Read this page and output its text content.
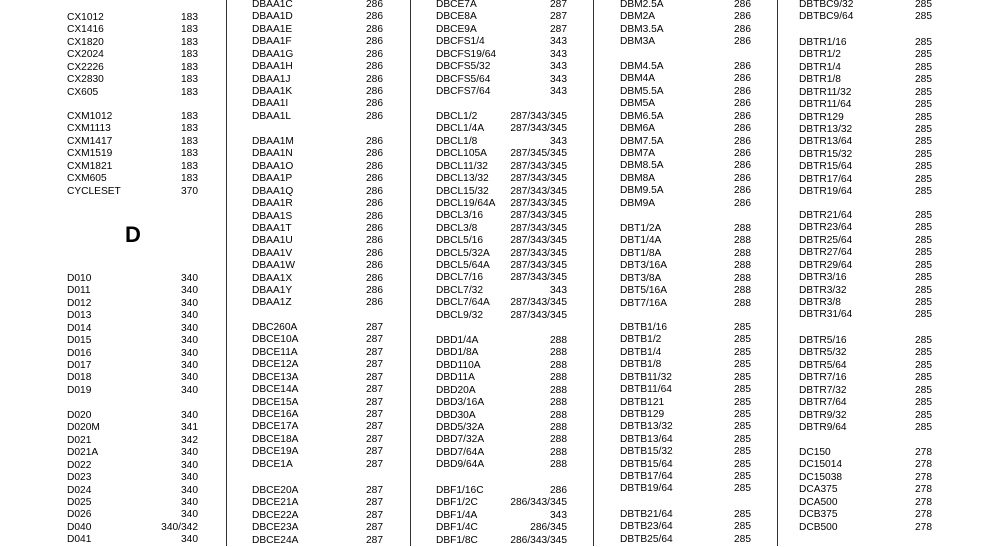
D
CX1012	183
CX1416	183
CX1820	183
CX2024	183
CX2226	183
CX2830	183
CX605	183
CXM1012	183
CXM1113	183
CXM1417	183
CXM1519	183
CXM1821	183
CXM605	183
CYCLESET	370
D010	340
D011	340
D012	340
D013	340
D014	340
D015	340
D016	340
D017	340
D018	340
D019	340
D020	340
D020M	341
D021	342
D021A	340
D022	340
D023	340
D024	340
D025	340
D026	340
D040	340/342
D041	340
DBAA1C	286
DBAA1D	286
DBAA1E	286
DBAA1F	286
DBAA1G	286
DBAA1H	286
DBAA1J	286
DBAA1K	286
DBAA1I	286
DBAA1L	286
DBAA1M	286
DBAA1N	286
DBAA1O	286
DBAA1P	286
DBAA1Q	286
DBAA1R	286
DBAA1S	286
DBAA1T	286
DBAA1U	286
DBAA1V	286
DBAA1W	286
DBAA1X	286
DBAA1Y	286
DBAA1Z	286
DBC260A	287
DBCE10A	287
DBCE11A	287
DBCE12A	287
DBCE13A	287
DBCE14A	287
DBCE15A	287
DBCE16A	287
DBCE17A	287
DBCE18A	287
DBCE19A	287
DBCE1A	287
DBCE20A	287
DBCE21A	287
DBCE22A	287
DBCE23A	287
DBCE24A	287
DBCE7A	287
DBCE8A	287
DBCE9A	287
DBCFS1/4	343
DBCFS19/64	343
DBCFS5/32	343
DBCFS5/64	343
DBCFS7/64	343
DBCL1/2	287/343/345
DBCL1/4A	287/343/345
DBCL1/8	343
DBCL105A 287/345/345
DBCL11/32 287/343/345
DBCL13/32 287/343/345
DBCL15/32 287/343/345
DBCL19/64A 287/343/345
DBCL3/16	287/343/345
DBCL3/8	287/343/345
DBCL5/16	287/343/345
DBCL5/32A 287/343/345
DBCL5/64A 287/343/345
DBCL7/16	287/343/345
DBCL7/32	343
DBCL7/64A 287/343/345
DBCL9/32	287/343/345
DBD1/4A	288
DBD1/8A	288
DBD110A	288
DBD11A	288
DBD20A	288
DBD3/16A	288
DBD30A	288
DBD5/32A	288
DBD7/32A	288
DBD7/64A	288
DBD9/64A	288
DBF1/16C	286
DBF1/2C	286/343/345
DBF1/4A	343
DBF1/4C	286/345
DBF1/8C	286/343/345
DBM2.5A	286
DBM2A	286
DBM3.5A	286
DBM3A	286
DBM4.5A	286
DBM4A	286
DBM5.5A	286
DBM5A	286
DBM6.5A	286
DBM6A	286
DBM7.5A	286
DBM7A	286
DBM8.5A	286
DBM8A	286
DBM9.5A	286
DBM9A	286
DBT1/2A	288
DBT1/4A	288
DBT1/8A	288
DBT3/16A	288
DBT3/8A	288
DBT5/16A	288
DBT7/16A	288
DBTB1/16	285
DBTB1/2	285
DBTB1/4	285
DBTB1/8	285
DBTB11/32	285
DBTB11/64	285
DBTB121	285
DBTB129	285
DBTB13/32	285
DBTB13/64	285
DBTB15/32	285
DBTB15/64	285
DBTB17/64	285
DBTB19/64	285
DBTB21/64	285
DBTB23/64	285
DBTB25/64	285
DBTBC9/32	285
DBTBC9/64	285
DBTR1/16	285
DBTR1/2	285
DBTR1/4	285
DBTR1/8	285
DBTR11/32	285
DBTR11/64	285
DBTR129	285
DBTR13/32	285
DBTR13/64	285
DBTR15/32	285
DBTR15/64	285
DBTR17/64	285
DBTR19/64	285
DBTR21/64	285
DBTR23/64	285
DBTR25/64	285
DBTR27/64	285
DBTR29/64	285
DBTR3/16	285
DBTR3/32	285
DBTR3/8	285
DBTR31/64	285
DBTR5/16	285
DBTR5/32	285
DBTR5/64	285
DBTR7/16	285
DBTR7/32	285
DBTR7/64	285
DBTR9/32	285
DBTR9/64	285
DC150	278
DC15014	278
DC15038	278
DCA375	278
DCA500	278
DCB375	278
DCB500	278
